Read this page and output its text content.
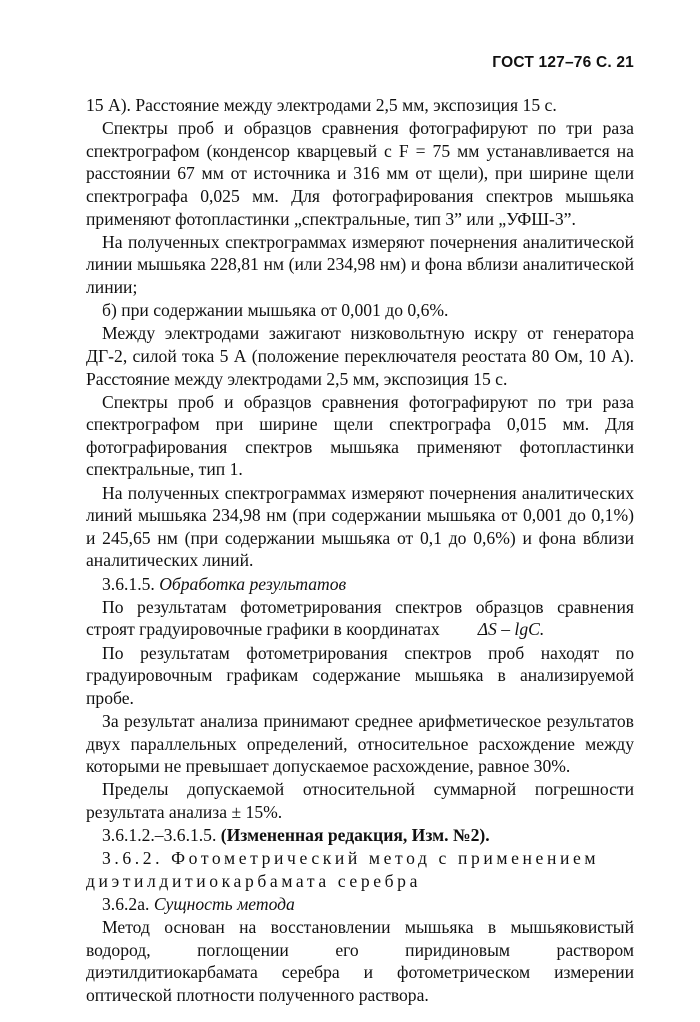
ГОСТ 127–76 С. 21

15 А). Расстояние между электродами 2,5 мм, экспозиция 15 с.

Спектры проб и образцов сравнения фотографируют по три раза спектрографом (конденсор кварцевый с F = 75 мм устанавливается на расстоянии 67 мм от источника и 316 мм от щели), при ширине щели спектрографа 0,025 мм. Для фотографирования спектров мышьяка применяют фотопластинки „спектральные, тип 3” или „УФШ-3”.

На полученных спектрограммах измеряют почернения аналитической линии мышьяка 228,81 нм (или 234,98 нм) и фона вблизи аналитической линии;

б) при содержании мышьяка от 0,001 до 0,6%.

Между электродами зажигают низковольтную искру от генератора ДГ-2, силой тока 5 А (положение переключателя реостата 80 Ом, 10 А). Расстояние между электродами 2,5 мм, экспозиция 15 с.

Спектры проб и образцов сравнения фотографируют по три раза спектрографом при ширине щели спектрографа 0,015 мм. Для фотографирования спектров мышьяка применяют фотопластинки спектральные, тип 1.

На полученных спектрограммах измеряют почернения аналитических линий мышьяка 234,98 нм (при содержании мышьяка от 0,001 до 0,1%) и 245,65 нм (при содержании мышьяка от 0,1 до 0,6%) и фона вблизи аналитических линий.

3.6.1.5. Обработка результатов

По результатам фотометрирования спектров образцов сравнения строят градуировочные графики в координатах ΔS – lgC.

По результатам фотометрирования спектров проб находят по градуировочным графикам содержание мышьяка в анализируемой пробе.

За результат анализа принимают среднее арифметическое результатов двух параллельных определений, относительное расхождение между которыми не превышает допускаемое расхождение, равное 30%.

Пределы допускаемой относительной суммарной погрешности результата анализа ± 15%.

3.6.1.2.–3.6.1.5. (Измененная редакция, Изм. №2).

3.6.2. Фотометрический метод с применением диэтилдитиокарбамата серебра

3.6.2а. Сущность метода

Метод основан на восстановлении мышьяка в мышьяковистый водород, поглощении его пиридиновым раствором диэтилдитиокарбамата серебра и фотометрическом измерении оптической плотности полученного раствора.
